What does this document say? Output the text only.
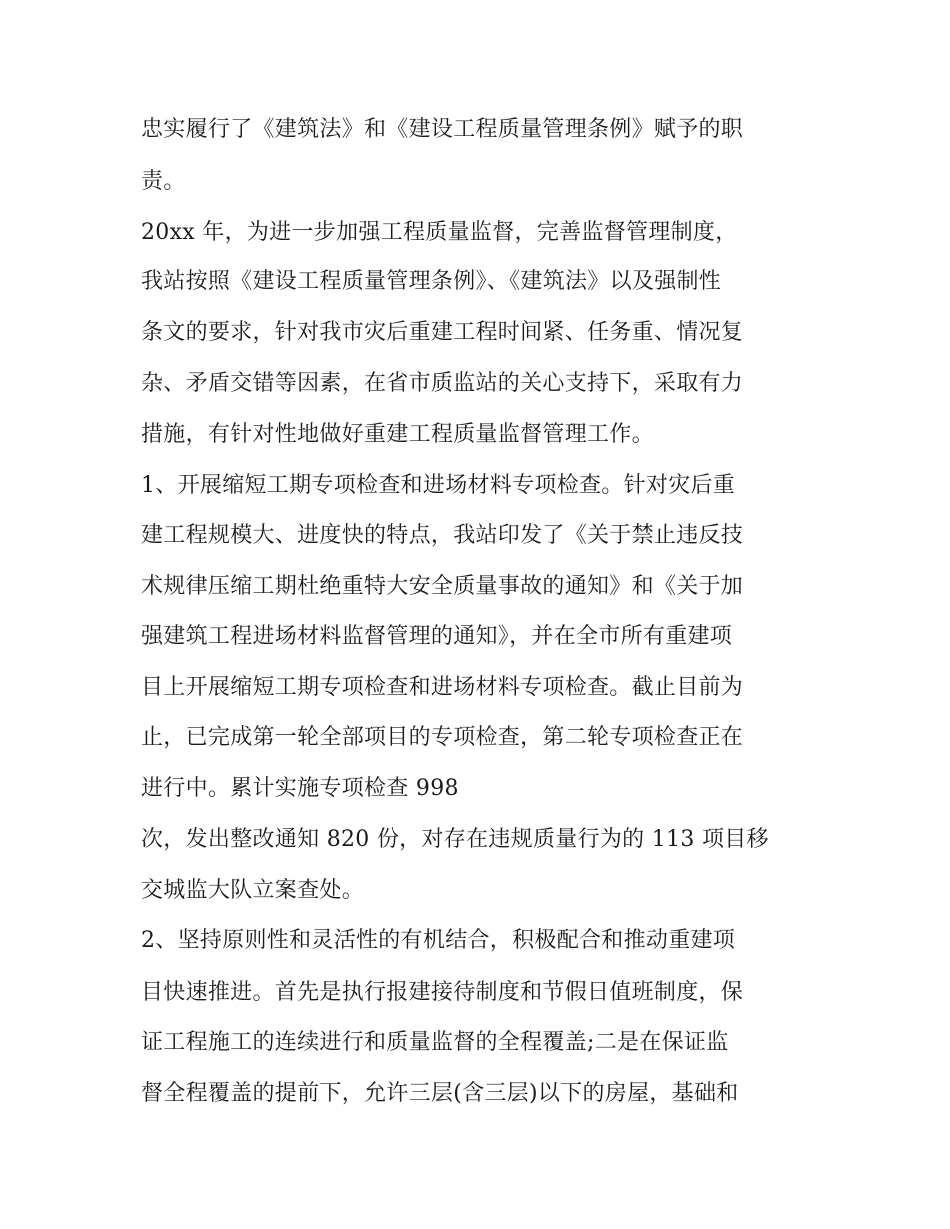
忠实履行了《建筑法》和《建设工程质量管理条例》赋予的职

责。

20xx 年，为进一步加强工程质量监督，完善监督管理制度，

我站按照《建设工程质量管理条例》、《建筑法》以及强制性

条文的要求，针对我市灾后重建工程时间紧、任务重、情况复

杂、矛盾交错等因素，在省市质监站的关心支持下，采取有力

措施，有针对性地做好重建工程质量监督管理工作。

1、开展缩短工期专项检查和进场材料专项检查。针对灾后重

建工程规模大、进度快的特点，我站印发了《关于禁止违反技

术规律压缩工期杜绝重特大安全质量事故的通知》和《关于加

强建筑工程进场材料监督管理的通知》，并在全市所有重建项

目上开展缩短工期专项检查和进场材料专项检查。截止目前为

止，已完成第一轮全部项目的专项检查，第二轮专项检查正在

进行中。累计实施专项检查 998

次，发出整改通知 820 份，对存在违规质量行为的 113 项目移

交城监大队立案查处。

2、坚持原则性和灵活性的有机结合，积极配合和推动重建项

目快速推进。首先是执行报建接待制度和节假日值班制度，保

证工程施工的连续进行和质量监督的全程覆盖;二是在保证监

督全程覆盖的提前下，允许三层(含三层)以下的房屋，基础和
